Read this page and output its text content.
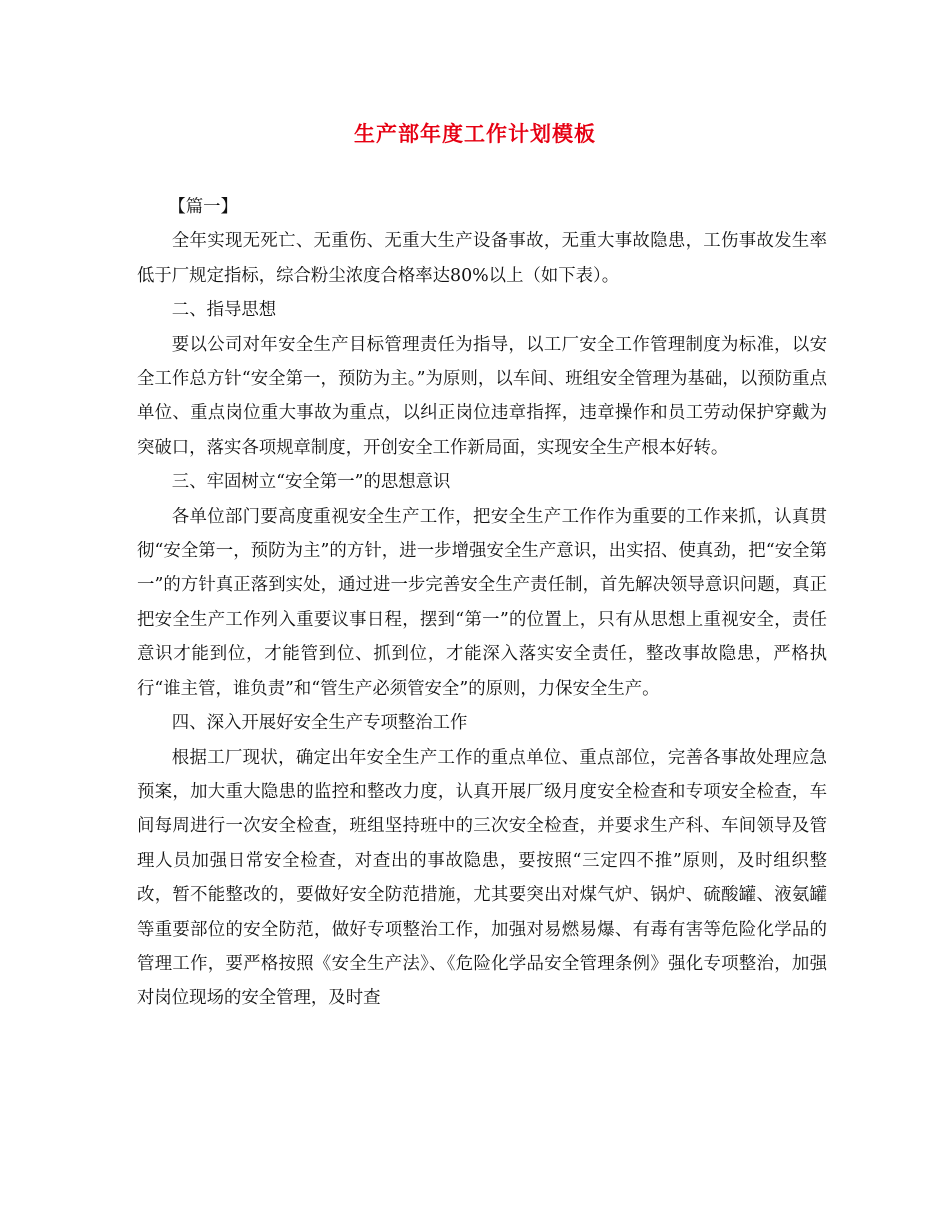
生产部年度工作计划模板

【篇一】

全年实现无死亡、无重伤、无重大生产设备事故，无重大事故隐患，工伤事故发生率低于厂规定指标，综合粉尘浓度合格率达80%以上（如下表）。

二、指导思想

要以公司对年安全生产目标管理责任为指导，以工厂安全工作管理制度为标准，以安全工作总方针“安全第一，预防为主。”为原则，以车间、班组安全管理为基础，以预防重点单位、重点岗位重大事故为重点，以纠正岗位违章指挥，违章操作和员工劳动保护穿戴为突破口，落实各项规章制度，开创安全工作新局面，实现安全生产根本好转。

三、牢固树立“安全第一”的思想意识

各单位部门要高度重视安全生产工作，把安全生产工作作为重要的工作来抓，认真贯彻“安全第一，预防为主”的方针，进一步增强安全生产意识，出实招、使真劲，把“安全第一”的方针真正落到实处，通过进一步完善安全生产责任制，首先解决领导意识问题，真正把安全生产工作列入重要议事日程，摆到“第一”的位置上，只有从思想上重视安全，责任意识才能到位，才能管到位、抓到位，才能深入落实安全责任，整改事故隐患，严格执行“谁主管，谁负责”和“管生产必须管安全”的原则，力保安全生产。

四、深入开展好安全生产专项整治工作

根据工厂现状，确定出年安全生产工作的重点单位、重点部位，完善各事故处理应急预案，加大重大隐患的监控和整改力度，认真开展厂级月度安全检查和专项安全检查，车间每周进行一次安全检查，班组坚持班中的三次安全检查，并要求生产科、车间领导及管理人员加强日常安全检查，对查出的事故隐患，要按照“三定四不推”原则，及时组织整改，暂不能整改的，要做好安全防范措施，尤其要突出对煤气炉、锅炉、硫酸罐、液氨罐等重要部位的安全防范，做好专项整治工作，加强对易燃易爆、有毒有害等危险化学品的管理工作，要严格按照《安全生产法》、《危险化学品安全管理条例》强化专项整治，加强对岗位现场的安全管理，及时查
